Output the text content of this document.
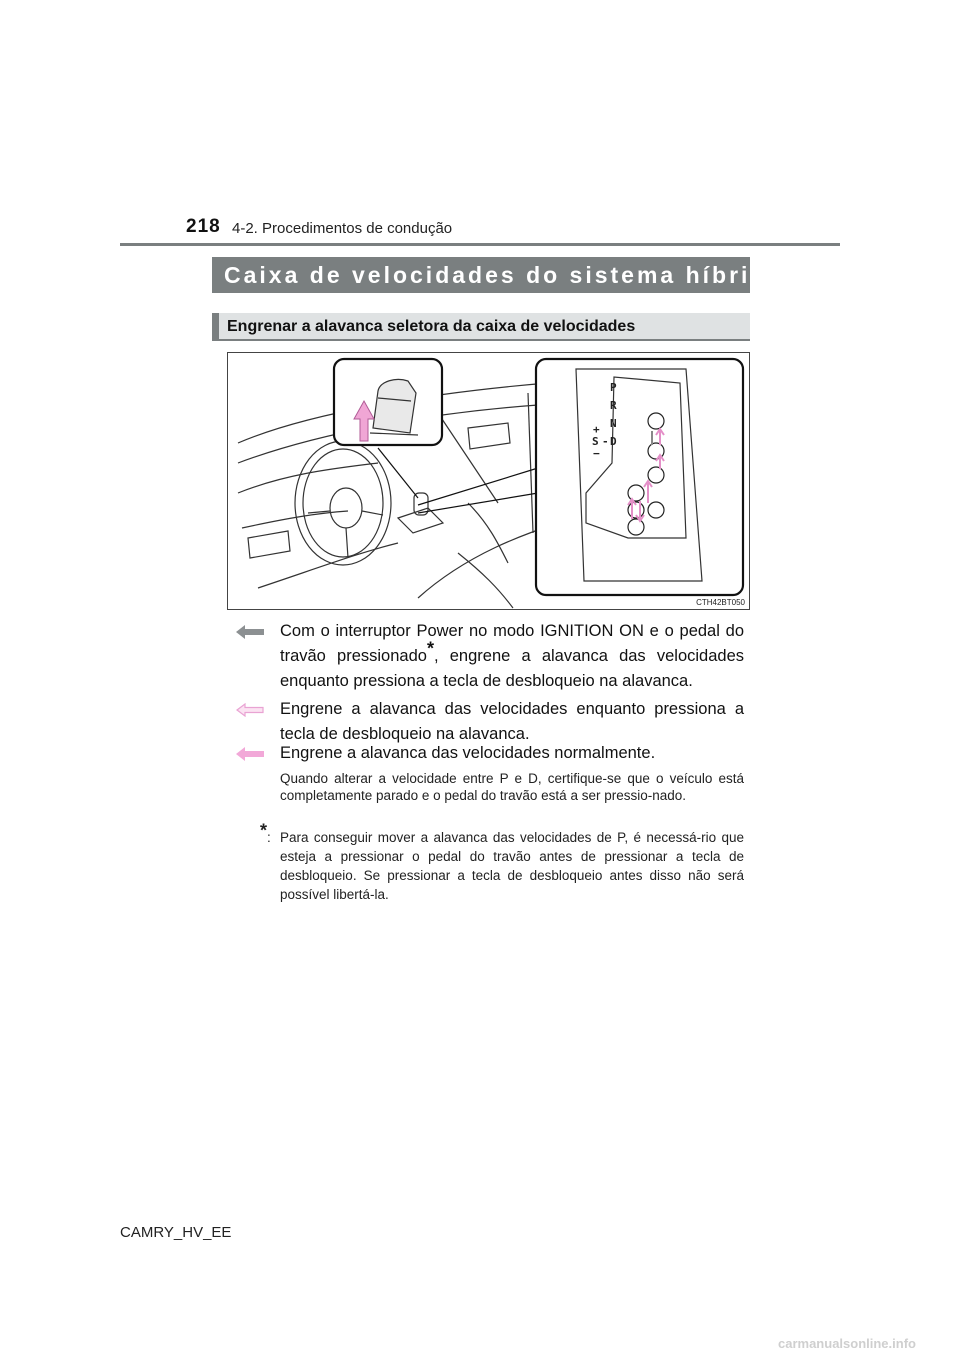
218 4-2. Procedimentos de condução
Caixa de velocidades do sistema híbrido
Engrenar a alavanca seletora da caixa de velocidades
P
R
N
D
+
S -
−
CTH42BT050
Com o interruptor Power no modo IGNITION ON e o pedal do travão pressionado*, engrene a alavanca das velocidades enquanto pressiona a tecla de desbloqueio na alavanca.
Engrene a alavanca das velocidades enquanto pressiona a tecla de desbloqueio na alavanca.
Engrene a alavanca das velocidades normalmente.
Quando alterar a velocidade entre P e D, certifique-se que o veículo está completamente parado e o pedal do travão está a ser pressio-nado.
*: Para conseguir mover a alavanca das velocidades de P, é necessá-rio que esteja a pressionar o pedal do travão antes de pressionar a tecla de desbloqueio. Se pressionar a tecla de desbloqueio antes disso não será possível libertá-la.
CAMRY_HV_EE
carmanualsonline.info
